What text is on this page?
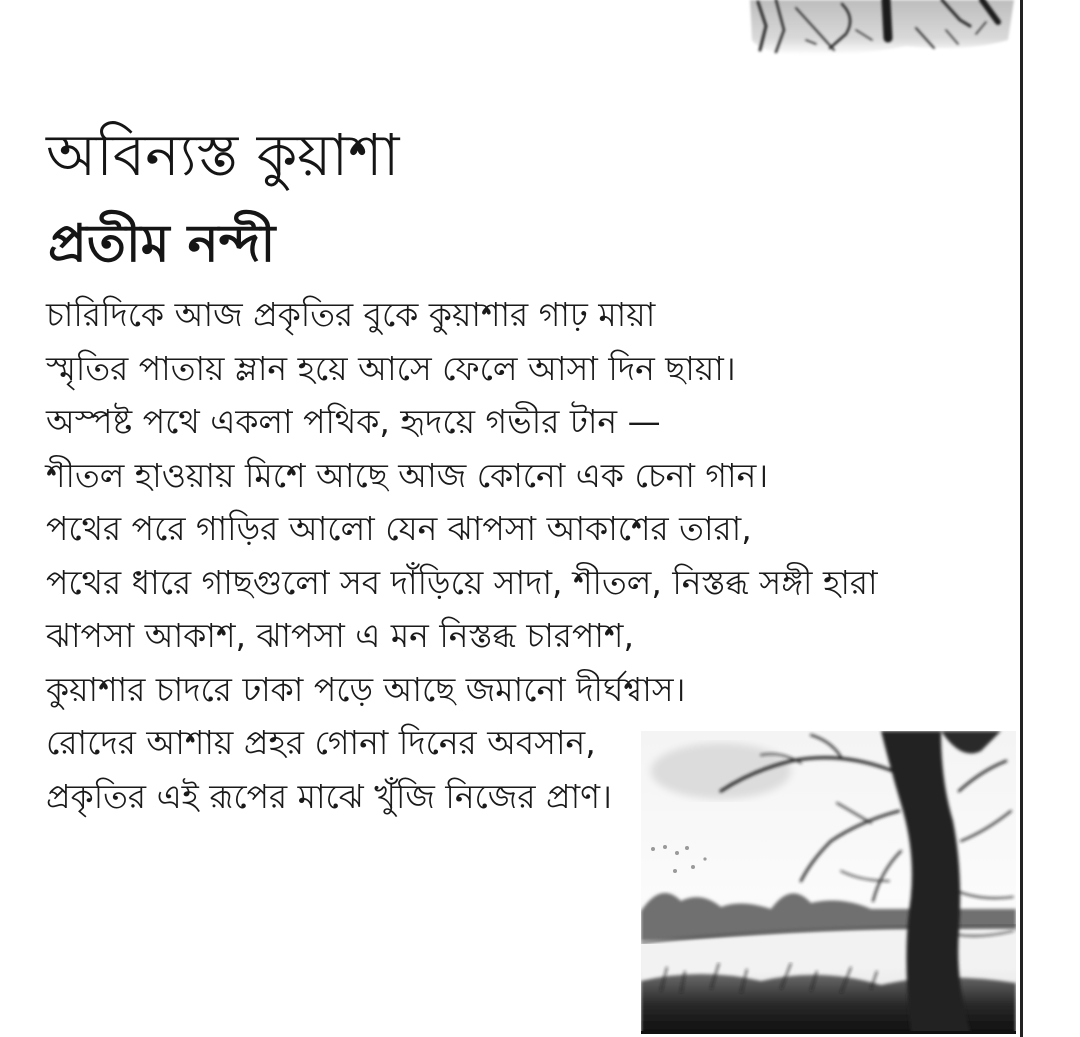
অবিন্যস্ত কুয়াশা
প্রতীম নন্দী
চারিদিকে আজ প্রকৃতির বুকে কুয়াশার গাঢ় মায়া
স্মৃতির পাতায় ম্লান হয়ে আসে ফেলে আসা দিন ছায়া।
অস্পষ্ট পথে একলা পথিক, হৃদয়ে গভীর টান —
শীতল হাওয়ায় মিশে আছে আজ কোনো এক চেনা গান।
পথের পরে গাড়ির আলো যেন ঝাপসা আকাশের তারা,
পথের ধারে গাছগুলো সব দাঁড়িয়ে সাদা, শীতল, নিস্তব্ধ সঙ্গী হারা
ঝাপসা আকাশ, ঝাপসা এ মন নিস্তব্ধ চারপাশ,
কুয়াশার চাদরে ঢাকা পড়ে আছে জমানো দীর্ঘশ্বাস।
রোদের আশায় প্রহর গোনা দিনের অবসান,
প্রকৃতির এই রূপের মাঝে খুঁজি নিজের প্রাণ।
